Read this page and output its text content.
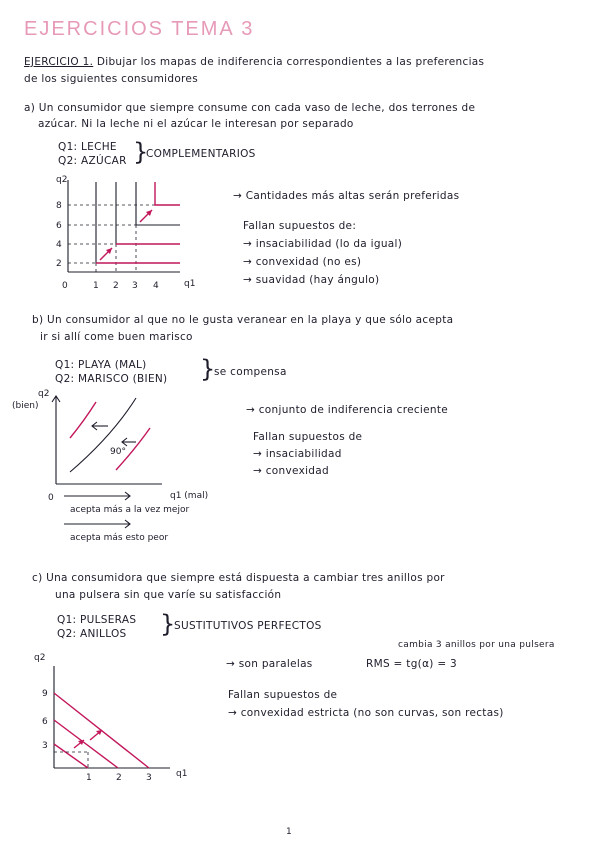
EJERCICIOS TEMA 3
EJERCICIO 1. Dibujar los mapas de indiferencia correspondientes a las preferencias
de los siguientes consumidores
a) Un consumidor que siempre consume con cada vaso de leche, dos terrones de
azúcar. Ni la leche ni el azúcar le interesan por separado
Q1: LECHE
Q2: AZÚCAR }
COMPLEMENTARIOS
→ Cantidades más altas serán preferidas
Fallan supuestos de:
→ insaciabilidad (lo da igual)
→ convexidad (no es)
→ suavidad (hay ángulo)
q2
q1
0
8
6
4
2
1 2 3 4
b) Un consumidor al que no le gusta veranear en la playa y que sólo acepta
ir si allí come buen marisco
Q1: PLAYA (MAL)
Q2: MARISCO (BIEN) }
se compensa
→ conjunto de indiferencia creciente
Fallan supuestos de
→ insaciabilidad
→ convexidad
q2
(bien)
0	q1 (mal)
90°
acepta más a la vez mejor
acepta más esto peor
c) Una consumidora que siempre está dispuesta a cambiar tres anillos por
una pulsera sin que varíe su satisfacción
Q1: PULSERAS
Q2: ANILLOS }
SUSTITUTIVOS PERFECTOS
cambia 3 anillos por una pulsera
→ son paralelas	RMS = tg(α) = 3
Fallan supuestos de
→ convexidad estricta (no son curvas, son rectas)
q2
q1
9
6
3
1	2	3
1
